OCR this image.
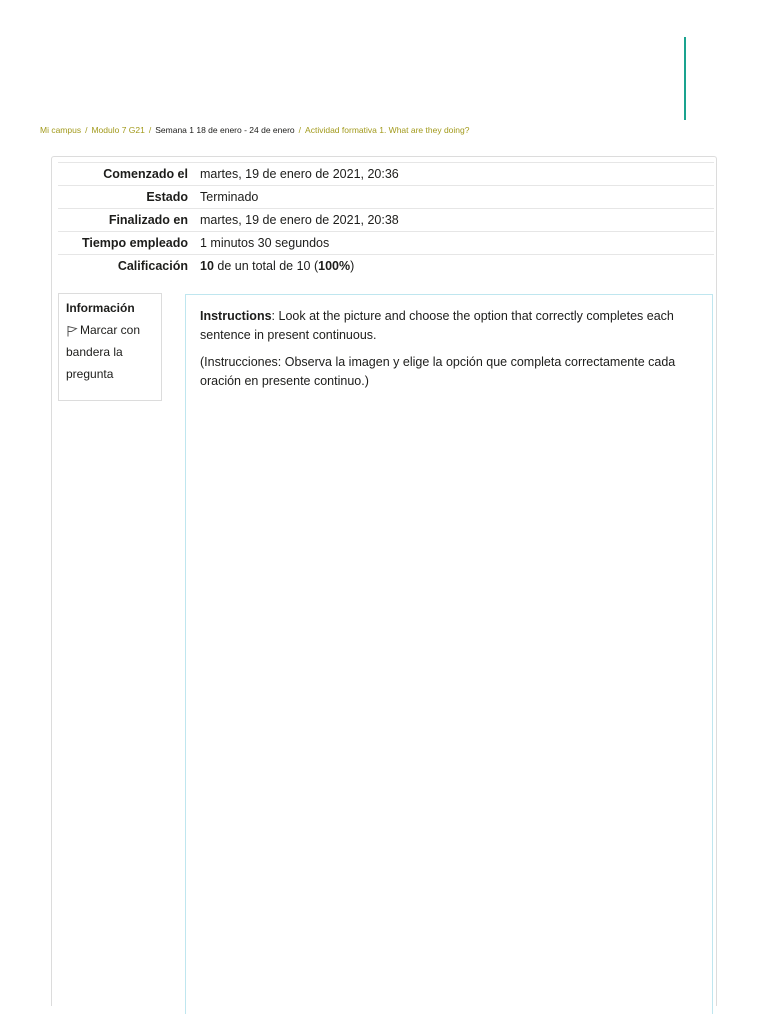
Mi campus / Modulo 7 G21 / Semana 1 18 de enero - 24 de enero / Actividad formativa 1. What are they doing?
Comenzado el	martes, 19 de enero de 2021, 20:36
Estado	Terminado
Finalizado en	martes, 19 de enero de 2021, 20:38
Tiempo empleado	1 minutos 30 segundos
Calificación	10 de un total de 10 (100%)
Información
Marcar con bandera la pregunta

Instructions: Look at the picture and choose the option that correctly completes each sentence in present continuous.

(Instrucciones: Observa la imagen y elige la opción que completa correctamente cada oración en presente continuo.)
